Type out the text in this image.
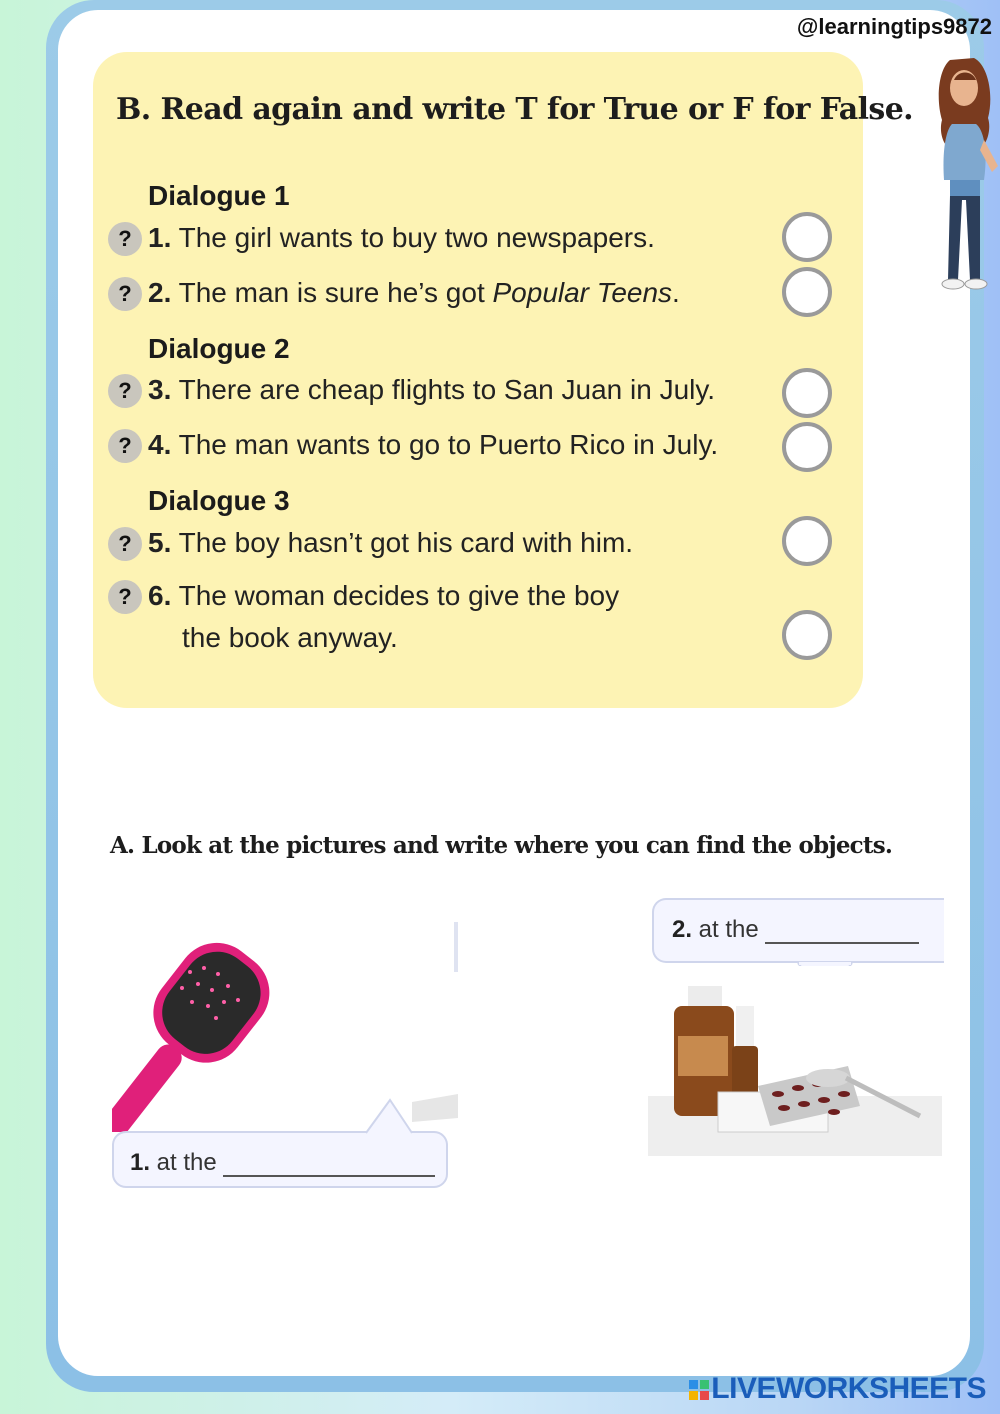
@learningtips9872
B. Read again and write T for True or F for False.
Dialogue 1
Dialogue 2
Dialogue 3
? 1. The girl wants to buy two newspapers.
? 2. The man is sure he’s got Popular Teens.
? 3. There are cheap flights to San Juan in July.
? 4. The man wants to go to Puerto Rico in July.
? 5. The boy hasn’t got his card with him.
? 6. The woman decides to give the boy
the book anyway.
A. Look at the pictures and write where you can find the objects.
1. at the
2. at the
LIVEWORKSHEETS
